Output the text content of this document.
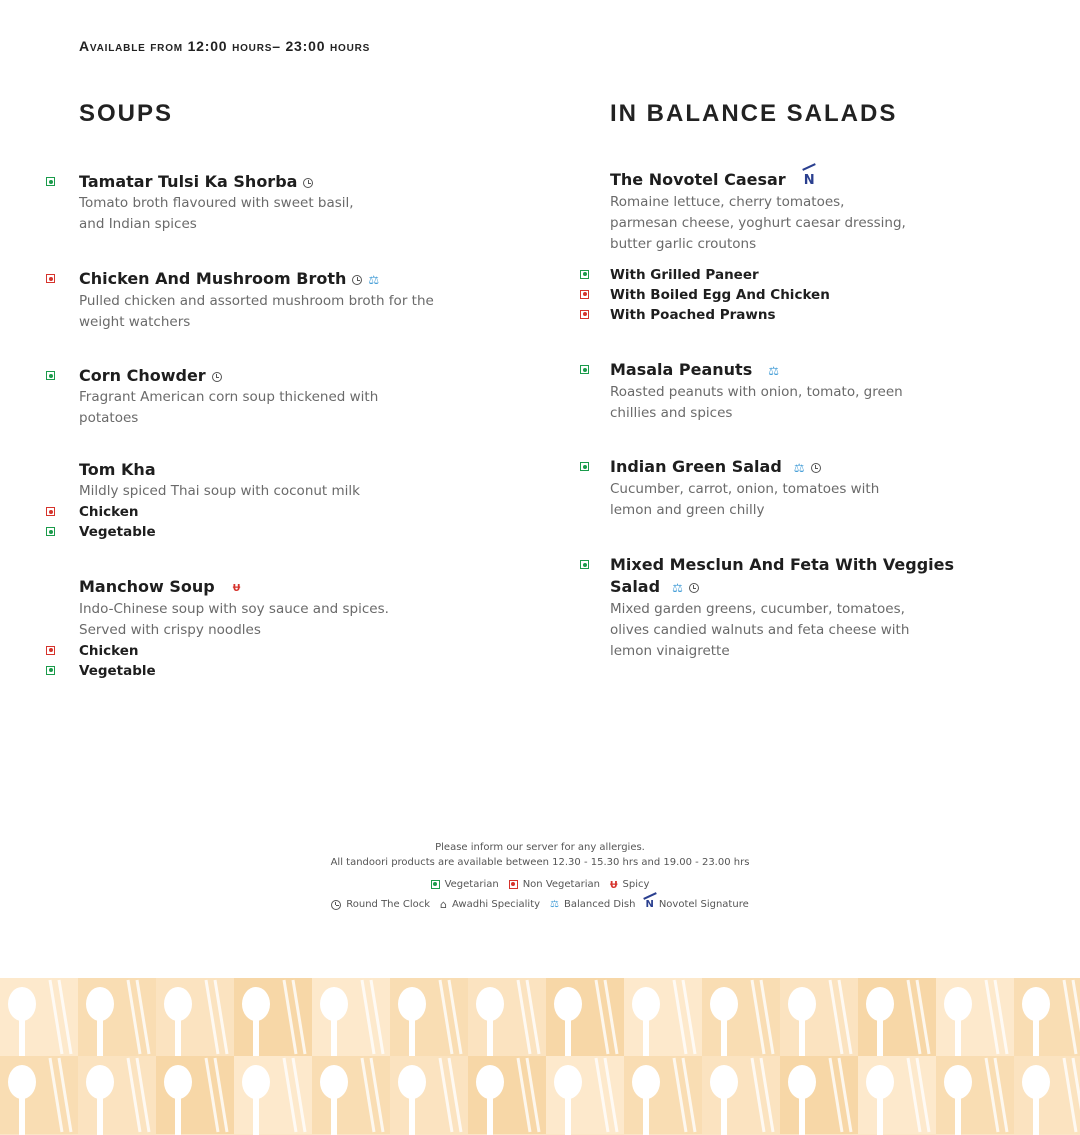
Available from 12:00 hours– 23:00 hours
SOUPS	IN BALANCE SALADS
Tamatar Tulsi Ka Shorba
Tomato broth flavoured with sweet basil,
and Indian spices
Chicken And Mushroom Broth ⚖
Pulled chicken and assorted mushroom broth for the
weight watchers
Corn Chowder
Fragrant American corn soup thickened with
potatoes
Tom Kha
Mildly spiced Thai soup with coconut milk
Chicken
Vegetable
Manchow Soup ᵾ
Indo-Chinese soup with soy sauce and spices.
Served with crispy noodles
Chicken
Vegetable
The Novotel Caesar N
Romaine lettuce, cherry tomatoes,
parmesan cheese, yoghurt caesar dressing,
butter garlic croutons
With Grilled Paneer
With Boiled Egg And Chicken
With Poached Prawns
Masala Peanuts ⚖
Roasted peanuts with onion, tomato, green
chillies and spices
Indian Green Salad ⚖
Cucumber, carrot, onion, tomatoes with
lemon and green chilly
Mixed Mesclun And Feta With Veggies
Salad ⚖
Mixed garden greens, cucumber, tomatoes,
olives candied walnuts and feta cheese with
lemon vinaigrette
Please inform our server for any allergies.
All tandoori products are available between 12.30 - 15.30 hrs and 19.00 - 23.00 hrs
Vegetarian Non Vegetarian ᵾ Spicy
Round The Clock ⌂ Awadhi Speciality ⚖ Balanced Dish N Novotel Signature
